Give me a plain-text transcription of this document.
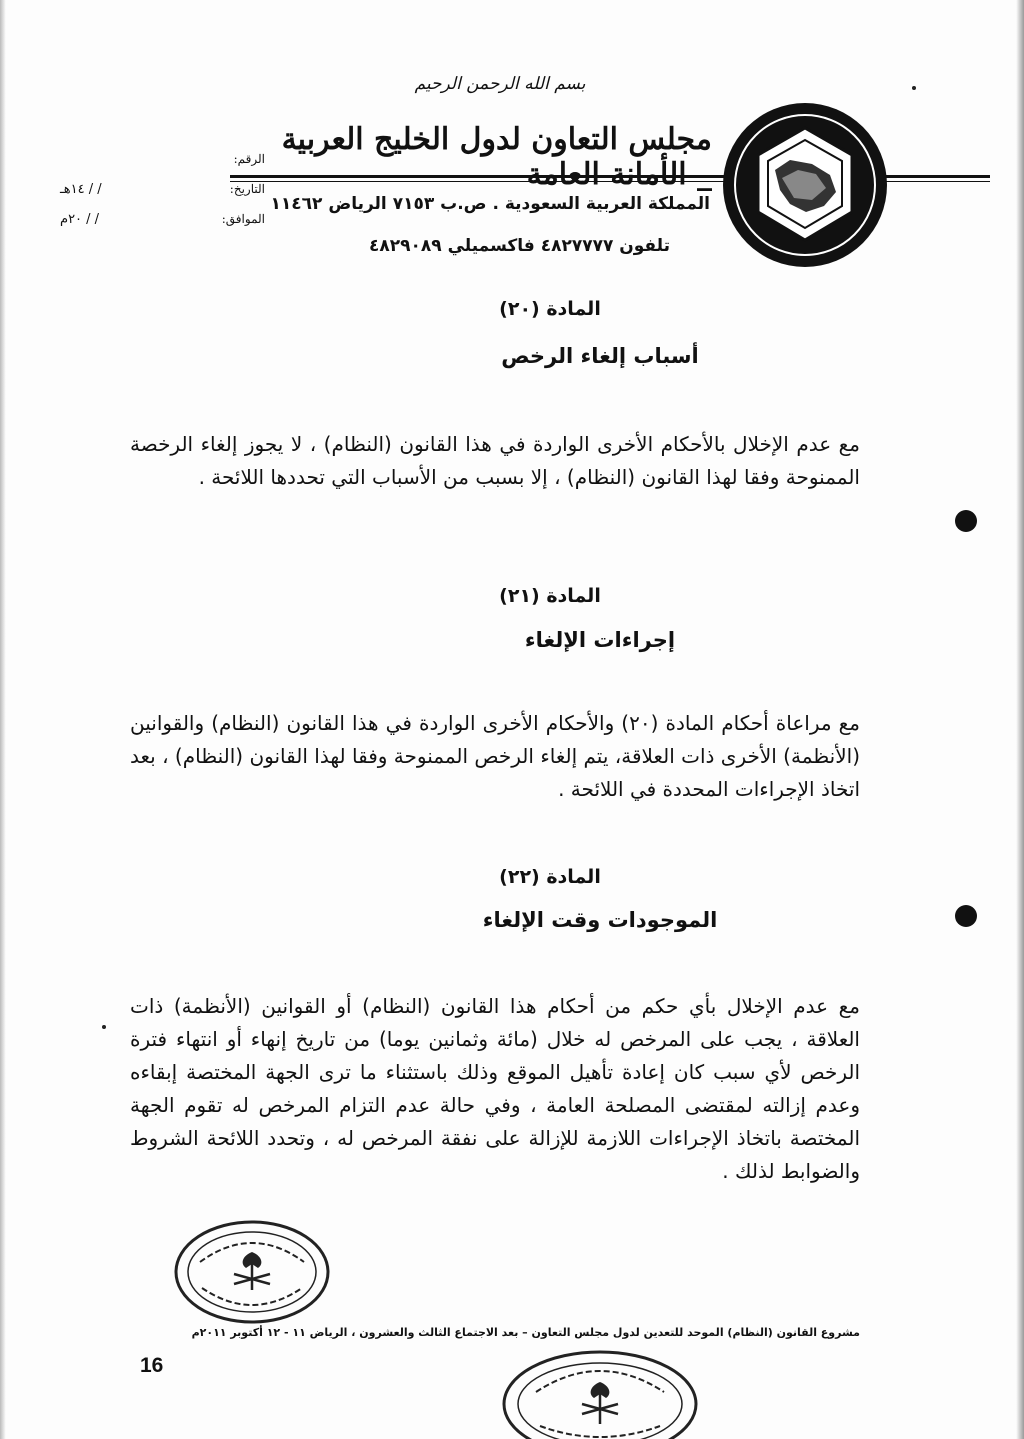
بسم الله الرحمن الرحيم
مجلس التعاون لدول الخليج العربية _ الأمانة العامة
المملكة العربية السعودية . ص.ب ٧١٥٣ الرياض ١١٤٦٢
تلفون ٤٨٢٧٧٧٧ فاكسميلي ٤٨٢٩٠٨٩
الرقم:
التاريخ:
/ / ١٤هـ
الموافق:
/ / ٢٠م
المادة (٢٠)
أسباب إلغاء الرخص
مع عدم الإخلال بالأحكام الأخرى الواردة في هذا القانون (النظام) ، لا يجوز إلغاء الرخصة الممنوحة وفقا لهذا القانون (النظام) ، إلا بسبب من الأسباب التي تحددها اللائحة .
المادة (٢١)
إجراءات الإلغاء
مع مراعاة أحكام المادة (٢٠) والأحكام الأخرى الواردة في هذا القانون (النظام) والقوانين (الأنظمة) الأخرى ذات العلاقة، يتم إلغاء الرخص الممنوحة وفقا لهذا القانون (النظام) ، بعد اتخاذ الإجراءات المحددة في اللائحة .
المادة (٢٢)
الموجودات وقت الإلغاء
مع عدم الإخلال بأي حكم من أحكام هذا القانون (النظام) أو القوانين (الأنظمة) ذات العلاقة ، يجب على المرخص له خلال (مائة وثمانين يوما) من تاريخ إنهاء أو انتهاء فترة الرخص لأي سبب كان إعادة تأهيل الموقع وذلك باستثناء ما ترى الجهة المختصة إبقاءه وعدم إزالته لمقتضى المصلحة العامة ، وفي حالة عدم التزام المرخص له تقوم الجهة المختصة باتخاذ الإجراءات اللازمة للإزالة على نفقة المرخص له ، وتحدد اللائحة الشروط والضوابط لذلك .
مشروع القانون (النظام) الموحد للتعدين لدول مجلس التعاون – بعد الاجتماع الثالث والعشرون ، الرياض ١١ - ١٢ أكتوبر ٢٠١١م
16
